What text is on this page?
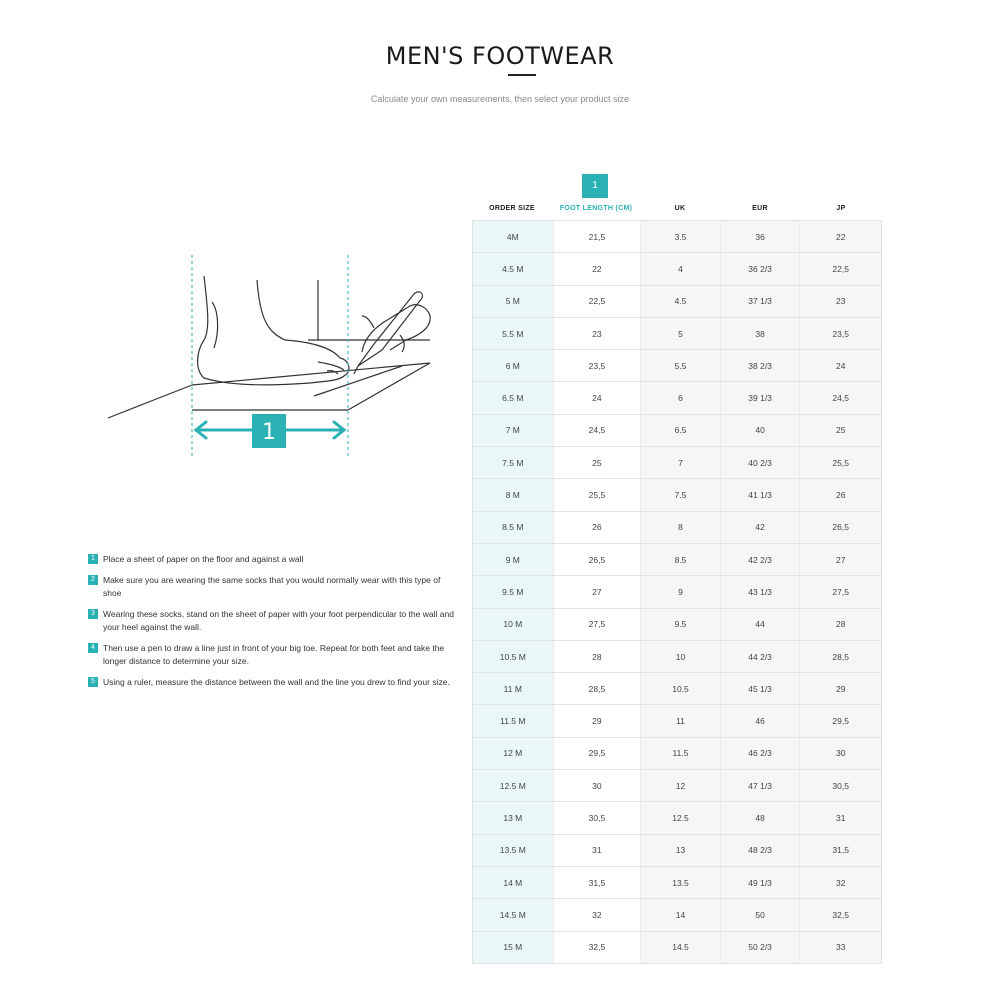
MEN'S FOOTWEAR

Calculate your own measurements, then select your product size

1
1 Place a sheet of paper on the floor and against a wall
2 Make sure you are wearing the same socks that you would normally wear with this type of shoe
3 Wearing these socks, stand on the sheet of paper with your foot perpendicular to the wall and your heel against the wall.
4 Then use a pen to draw a line just in front of your big toe. Repeat for both feet and take the longer distance to determine your size.
5 Using a ruler, measure the distance between the wall and the line you drew to find your size.
1
ORDER SIZE	FOOT LENGTH (CM)	UK	EUR	JP
4M	21,5	3.5	36	22
4.5 M	22	4	36 2/3	22,5
5 M	22,5	4.5	37 1/3	23
5.5 M	23	5	38	23,5
6 M	23,5	5.5	38 2/3	24
6.5 M	24	6	39 1/3	24,5
7 M	24,5	6.5	40	25
7.5 M	25	7	40 2/3	25,5
8 M	25,5	7.5	41 1/3	26
8.5 M	26	8	42	26,5
9 M	26,5	8.5	42 2/3	27
9.5 M	27	9	43 1/3	27,5
10 M	27,5	9.5	44	28
10.5 M	28	10	44 2/3	28,5
11 M	28,5	10.5	45 1/3	29
11.5 M	29	11	46	29,5
12 M	29,5	11.5	46 2/3	30
12.5 M	30	12	47 1/3	30,5
13 M	30,5	12.5	48	31
13.5 M	31	13	48 2/3	31,5
14 M	31,5	13.5	49 1/3	32
14.5 M	32	14	50	32,5
15 M	32,5	14.5	50 2/3	33
